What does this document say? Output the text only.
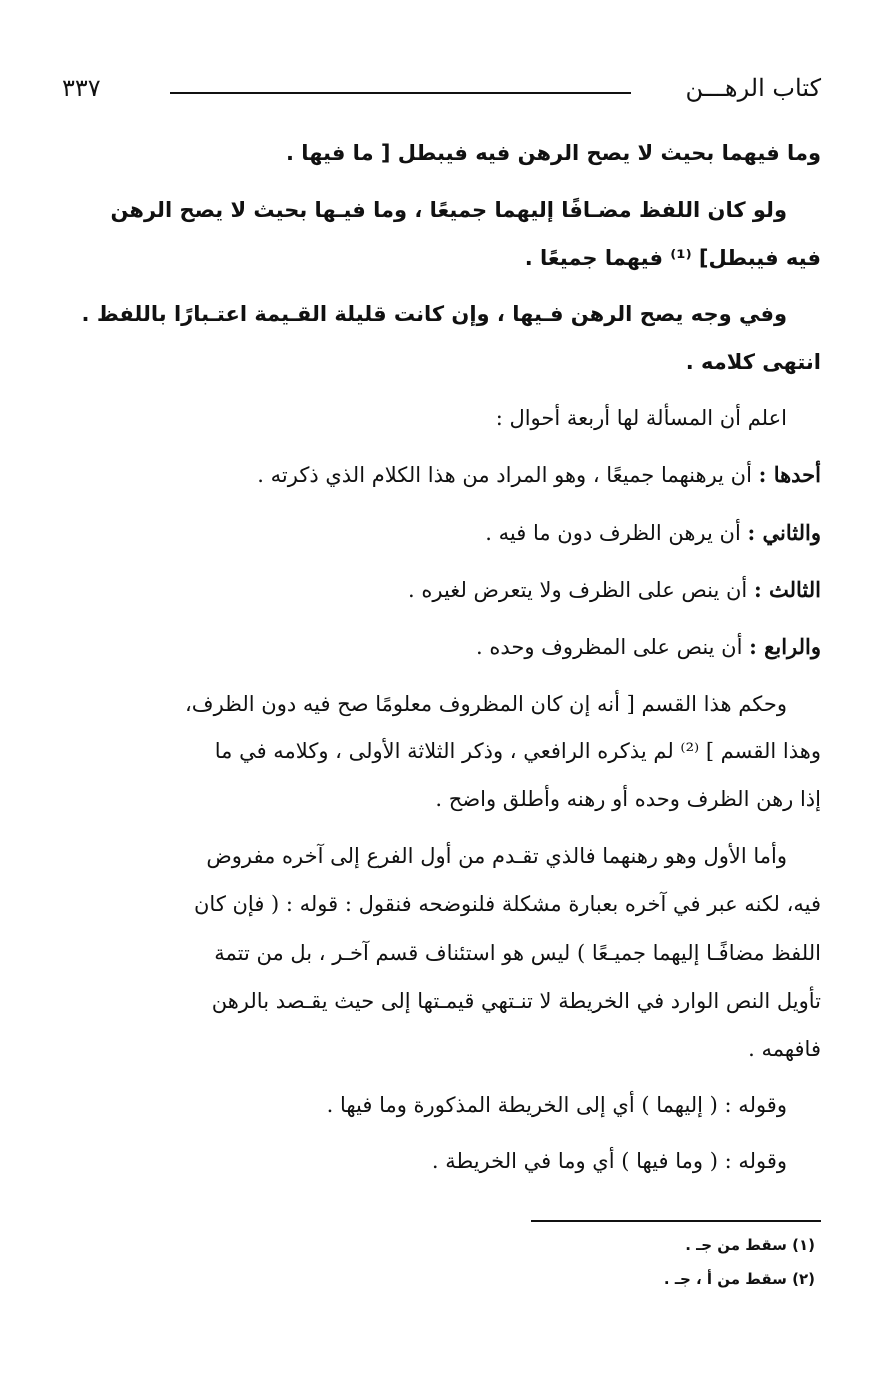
كتاب الرهـــن
٣٣٧
وما فيهما بحيث لا يصح الرهن فيه فيبطل [ ما فيها .
ولو كان اللفظ مضـافًا إليهما جميعًا ، وما فيـها بحيث لا يصح الرهن
فيه فيبطل] ⁽¹⁾ فيهما جميعًا .
وفي وجه يصح الرهن فـيها ، وإن كانت قليلة القـيمة اعتـبارًا باللفظ .
انتهى كلامه .
اعلم أن المسألة لها أربعة أحوال :
أحدها : أن يرهنهما جميعًا ، وهو المراد من هذا الكلام الذي ذكرته .
والثاني : أن يرهن الظرف دون ما فيه .
الثالث : أن ينص على الظرف ولا يتعرض لغيره .
والرابع : أن ينص على المظروف وحده .
وحكم هذا القسم [ أنه إن كان المظروف معلومًا صح فيه دون الظرف،
وهذا القسم ] ⁽²⁾ لم يذكره الرافعي ، وذكر الثلاثة الأولى ، وكلامه في ما
إذا رهن الظرف وحده أو رهنه وأطلق واضح .
وأما الأول وهو رهنهما فالذي تقـدم من أول الفرع إلى آخره مفروض
فيه، لكنه عبر في آخره بعبارة مشكلة فلنوضحه فنقول : قوله : ( فإن كان
اللفظ مضافًـا إليهما جميـعًا ) ليس هو استئناف قسم آخـر ، بل من تتمة
تأويل النص الوارد في الخريطة لا تنـتهي قيمـتها إلى حيث يقـصد بالرهن
فافهمه .
وقوله : ( إليهما ) أي إلى الخريطة المذكورة وما فيها .
وقوله : ( وما فيها ) أي وما في الخريطة .
(١) سقط من جـ .
(٢) سقط من أ ، جـ .
